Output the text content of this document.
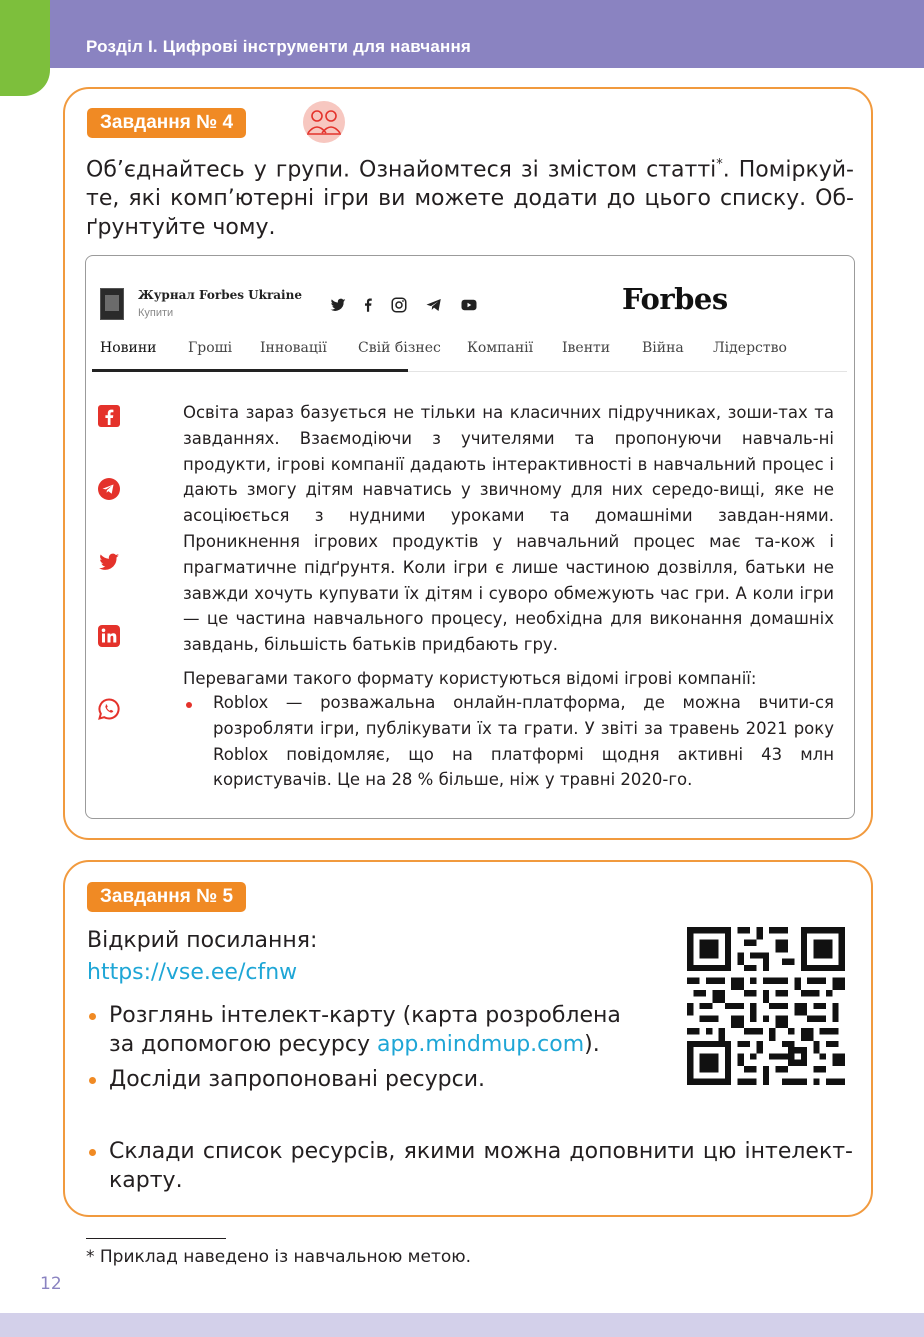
Розділ I. Цифрові інструменти для навчання
Завдання № 4

Об’єднайтесь у групи. Ознайомтеся зі змістом статті*. Поміркуй-те, які комп’ютерні ігри ви можете додати до цього списку. Об-ґрунтуйте чому.

Журнал Forbes Ukraine
Купити	Forbes
Новини Гроші Інновації Свій бізнес Компанії Івенти Війна Лідерство

Освіта зараз базується не тільки на класичних підручниках, зоши-тах та завданнях. Взаємодіючи з учителями та пропонуючи навчаль-ні продукти, ігрові компанії дадають інтерактивності в навчальний процес і дають змогу дітям навчатись у звичному для них середо-вищі, яке не асоціюється з нудними уроками та домашніми завдан-нями. Проникнення ігрових продуктів у навчальний процес має та-кож і прагматичне підґрунтя. Коли ігри є лише частиною дозвілля, батьки не завжди хочуть купувати їх дітям і суворо обмежують час гри. А коли ігри — це частина навчального процесу, необхідна для виконання домашніх завдань, більшість батьків придбають гру.

Перевагами такого формату користуються відомі ігрові компанії:

Roblox — розважальна онлайн-платформа, де можна вчити-ся розробляти ігри, публікувати їх та грати. У звіті за травень 2021 року Roblox повідомляє, що на платформі щодня активні 43 млн користувачів. Це на 28 % більше, ніж у травні 2020-го.

Завдання № 5
Відкрий посилання:
https://vse.ee/cfnw

Розглянь інтелект-карту (карта розроблена за допомогою ресурсу app.mindmup.com).

Досліди запропоновані ресурси.

Склади список ресурсів, якими можна доповнити цю інтелект-карту.

* Приклад наведено із навчальною метою.
12
